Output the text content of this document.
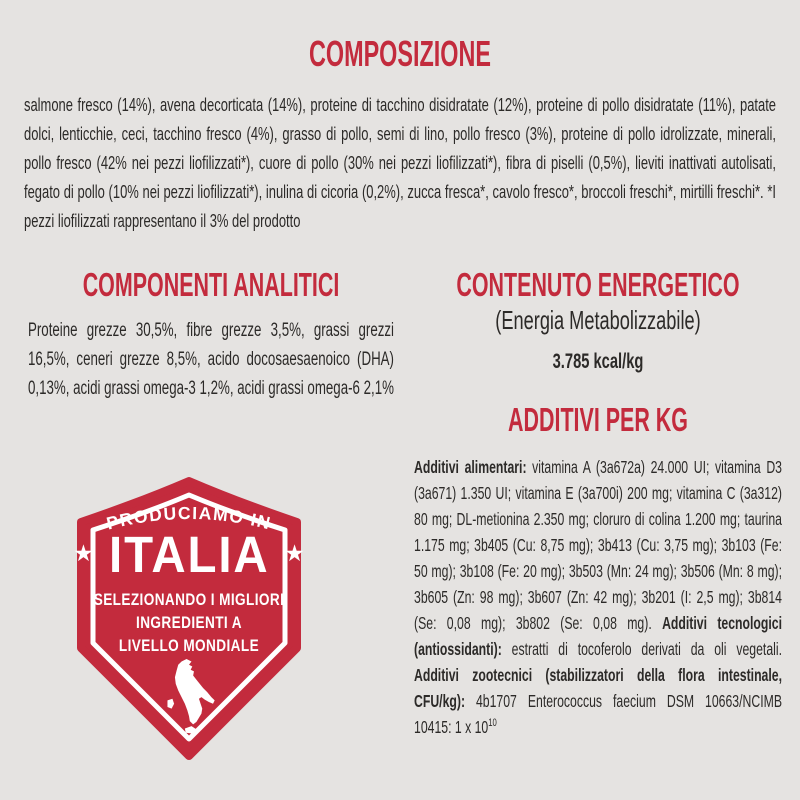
COMPOSIZIONE
salmone fresco (14%), avena decorticata (14%), proteine di tacchino disidratate (12%), proteine di pollo disidratate (11%), patate dolci, lenticchie, ceci, tacchino fresco (4%), grasso di pollo, semi di lino, pollo fresco (3%), proteine di pollo idrolizzate, minerali, pollo fresco (42% nei pezzi liofilizzati*), cuore di pollo (30% nei pezzi liofilizzati*), fibra di piselli (0,5%), lieviti inattivati autolisati, fegato di pollo (10% nei pezzi liofilizzati*), inulina di cicoria (0,2%), zucca fresca*, cavolo fresco*, broccoli freschi*, mirtilli freschi*. *I pezzi liofilizzati rappresentano il 3% del prodotto
COMPONENTI ANALITICI
Proteine grezze 30,5%, fibre grezze 3,5%, grassi grezzi 16,5%, ceneri grezze 8,5%, acido docosaesaenoico (DHA) 0,13%, acidi grassi omega-3 1,2%, acidi grassi omega-6 2,1%
CONTENUTO ENERGETICO
(Energia Metabolizzabile)
3.785 kcal/kg
ADDITIVI PER KG
Additivi alimentari: vitamina A (3a672a) 24.000 UI; vitamina D3 (3a671) 1.350 UI; vitamina E (3a700i) 200 mg; vitamina C (3a312) 80 mg; DL-metionina 2.350 mg; cloruro di colina 1.200 mg; taurina 1.175 mg; 3b405 (Cu: 8,75 mg); 3b413 (Cu: 3,75 mg); 3b103 (Fe: 50 mg); 3b108 (Fe: 20 mg); 3b503 (Mn: 24 mg); 3b506 (Mn: 8 mg); 3b605 (Zn: 98 mg); 3b607 (Zn: 42 mg); 3b201 (I: 2,5 mg); 3b814 (Se: 0,08 mg); 3b802 (Se: 0,08 mg). Additivi tecnologici (antiossidanti): estratti di tocoferolo derivati da oli vegetali. Additivi zootecnici (stabilizzatori della flora intestinale, CFU/kg): 4b1707 Enterococcus faecium DSM 10663/NCIMB 10415: 1 x $10^{10}$
PRODUCIAMO IN
★ ITALIA ★
SELEZIONANDO I MIGLIORI
INGREDIENTI A
LIVELLO MONDIALE
